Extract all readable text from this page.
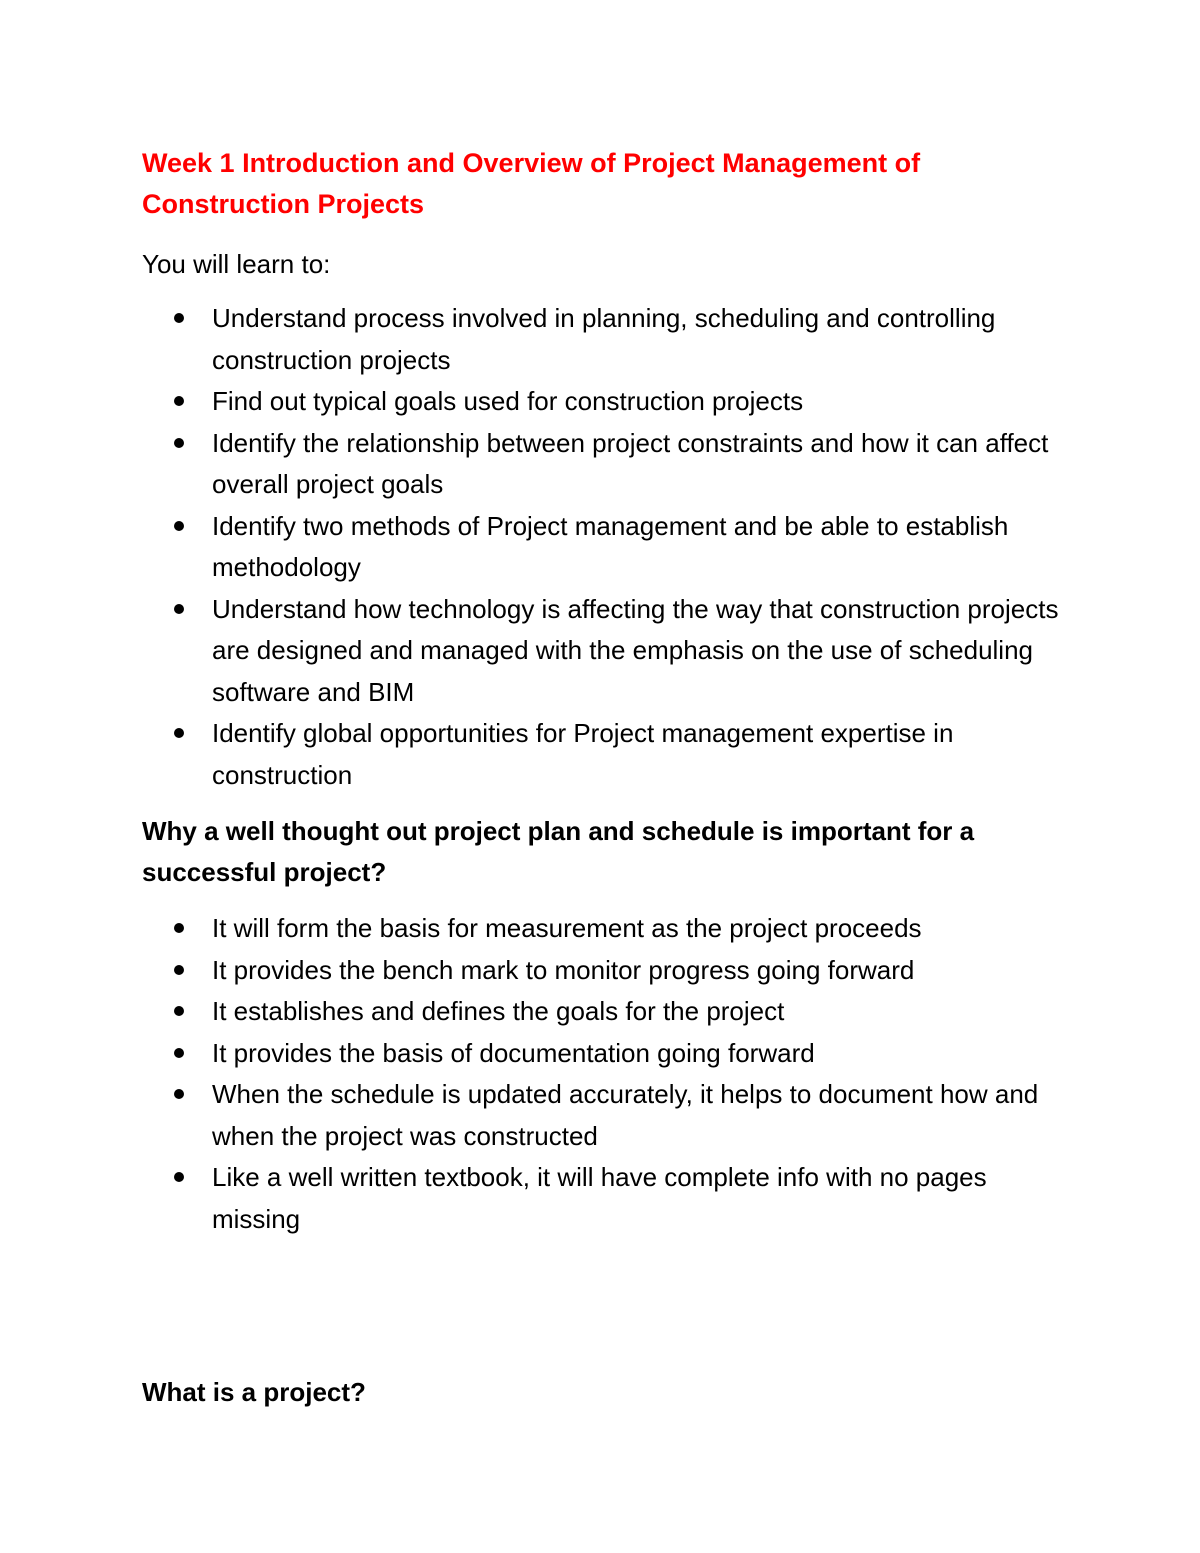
Week 1 Introduction and Overview of Project Management of Construction Projects

You will learn to:

Understand process involved in planning, scheduling and controlling construction projects
Find out typical goals used for construction projects
Identify the relationship between project constraints and how it can affect overall project goals
Identify two methods of Project management and be able to establish methodology
Understand how technology is affecting the way that construction projects are designed and managed with the emphasis on the use of scheduling software and BIM
Identify global opportunities for Project management expertise in construction
Why a well thought out project plan and schedule is important for a successful project?
It will form the basis for measurement as the project proceeds
It provides the bench mark to monitor progress going forward
It establishes and defines the goals for the project
It provides the basis of documentation going forward
When the schedule is updated accurately, it helps to document how and when the project was constructed
Like a well written textbook, it will have complete info with no pages missing
What is a project?
